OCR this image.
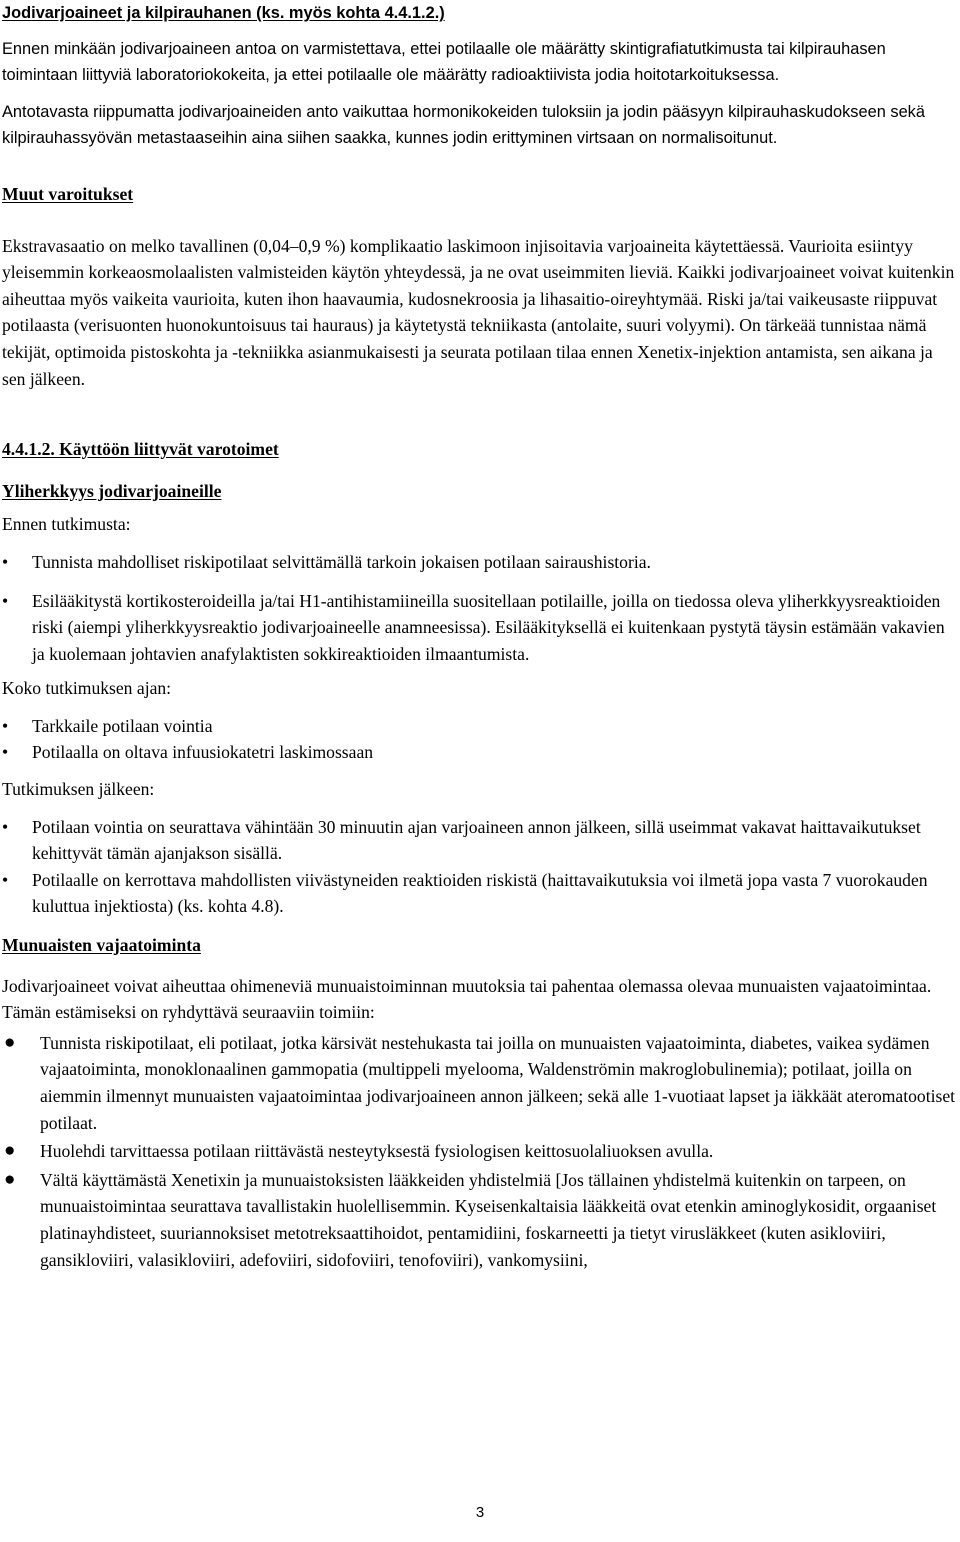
Jodivarjoaineet ja kilpirauhanen (ks. myös kohta 4.4.1.2.)

Ennen minkään jodivarjoaineen antoa on varmistettava, ettei potilaalle ole määrätty skintigrafiatutkimusta tai kilpirauhasen toimintaan liittyviä laboratoriokokeita, ja ettei potilaalle ole määrätty radioaktiivista jodia hoitotarkoituksessa.

Antotavasta riippumatta jodivarjoaineiden anto vaikuttaa hormonikokeiden tuloksiin ja jodin pääsyyn kilpirauhaskudokseen sekä kilpirauhassyövän metastaaseihin aina siihen saakka, kunnes jodin erittyminen virtsaan on normalisoitunut.

Muut varoitukset

Ekstravasaatio on melko tavallinen (0,04–0,9 %) komplikaatio laskimoon injisoitavia varjoaineita käytettäessä. Vaurioita esiintyy yleisemmin korkeaosmolaalisten valmisteiden käytön yhteydessä, ja ne ovat useimmiten lieviä. Kaikki jodivarjoaineet voivat kuitenkin aiheuttaa myös vaikeita vaurioita, kuten ihon haavaumia, kudosnekroosia ja lihasaitio-oireyhtymää. Riski ja/tai vaikeusaste riippuvat potilaasta (verisuonten huonokuntoisuus tai hauraus) ja käytetystä tekniikasta (antolaite, suuri volyymi). On tärkeää tunnistaa nämä tekijät, optimoida pistoskohta ja -tekniikka asianmukaisesti ja seurata potilaan tilaa ennen Xenetix-injektion antamista, sen aikana ja sen jälkeen.

4.4.1.2. Käyttöön liittyvät varotoimet

Yliherkkyys jodivarjoaineille

Ennen tutkimusta:

• Tunnista mahdolliset riskipotilaat selvittämällä tarkoin jokaisen potilaan sairaushistoria.
• Esilääkitystä kortikosteroideilla ja/tai H1-antihistamiineilla suositellaan potilaille, joilla on tiedossa oleva yliherkkyysreaktioiden riski (aiempi yliherkkyysreaktio jodivarjoaineelle anamneesissa). Esilääkityksellä ei kuitenkaan pystytä täysin estämään vakavien ja kuolemaan johtavien anafylaktisten sokkireaktioiden ilmaantumista.

Koko tutkimuksen ajan:

• Tarkkaile potilaan vointia
• Potilaalla on oltava infuusiokatetri laskimossaan

Tutkimuksen jälkeen:

• Potilaan vointia on seurattava vähintään 30 minuutin ajan varjoaineen annon jälkeen, sillä useimmat vakavat haittavaikutukset kehittyvät tämän ajanjakson sisällä.
• Potilaalle on kerrottava mahdollisten viivästyneiden reaktioiden riskistä (haittavaikutuksia voi ilmetä jopa vasta 7 vuorokauden kuluttua injektiosta) (ks. kohta 4.8).

Munuaisten vajaatoiminta

Jodivarjoaineet voivat aiheuttaa ohimeneviä munuaistoiminnan muutoksia tai pahentaa olemassa olevaa munuaisten vajaatoimintaa. Tämän estämiseksi on ryhdyttävä seuraaviin toimiin:

● Tunnista riskipotilaat, eli potilaat, jotka kärsivät nestehukasta tai joilla on munuaisten vajaatoiminta, diabetes, vaikea sydämen vajaatoiminta, monoklonaalinen gammopatia (multippeli myelooma, Waldenströmin makroglobulinemia); potilaat, joilla on aiemmin ilmennyt munuaisten vajaatoimintaa jodivarjoaineen annon jälkeen; sekä alle 1-vuotiaat lapset ja iäkkäät ateromatootiset potilaat.
● Huolehdi tarvittaessa potilaan riittävästä nesteytyksestä fysiologisen keittosuolaliuoksen avulla.
● Vältä käyttämästä Xenetixin ja munuaistoksisten lääkkeiden yhdistelmiä [Jos tällainen yhdistelmä kuitenkin on tarpeen, on munuaistoimintaa seurattava tavallistakin huolellisemmin. Kyseisenkaltaisia lääkkeitä ovat etenkin aminoglykosidit, orgaaniset platinayhdisteet, suuriannoksiset metotreksaattihoidot, pentamidiini, foskarneetti ja tietyt virusläkkeet (kuten asikloviiri, gansikloviiri, valasikloviiri, adefoviiri, sidofoviiri, tenofoviiri), vankomysiini,
3
